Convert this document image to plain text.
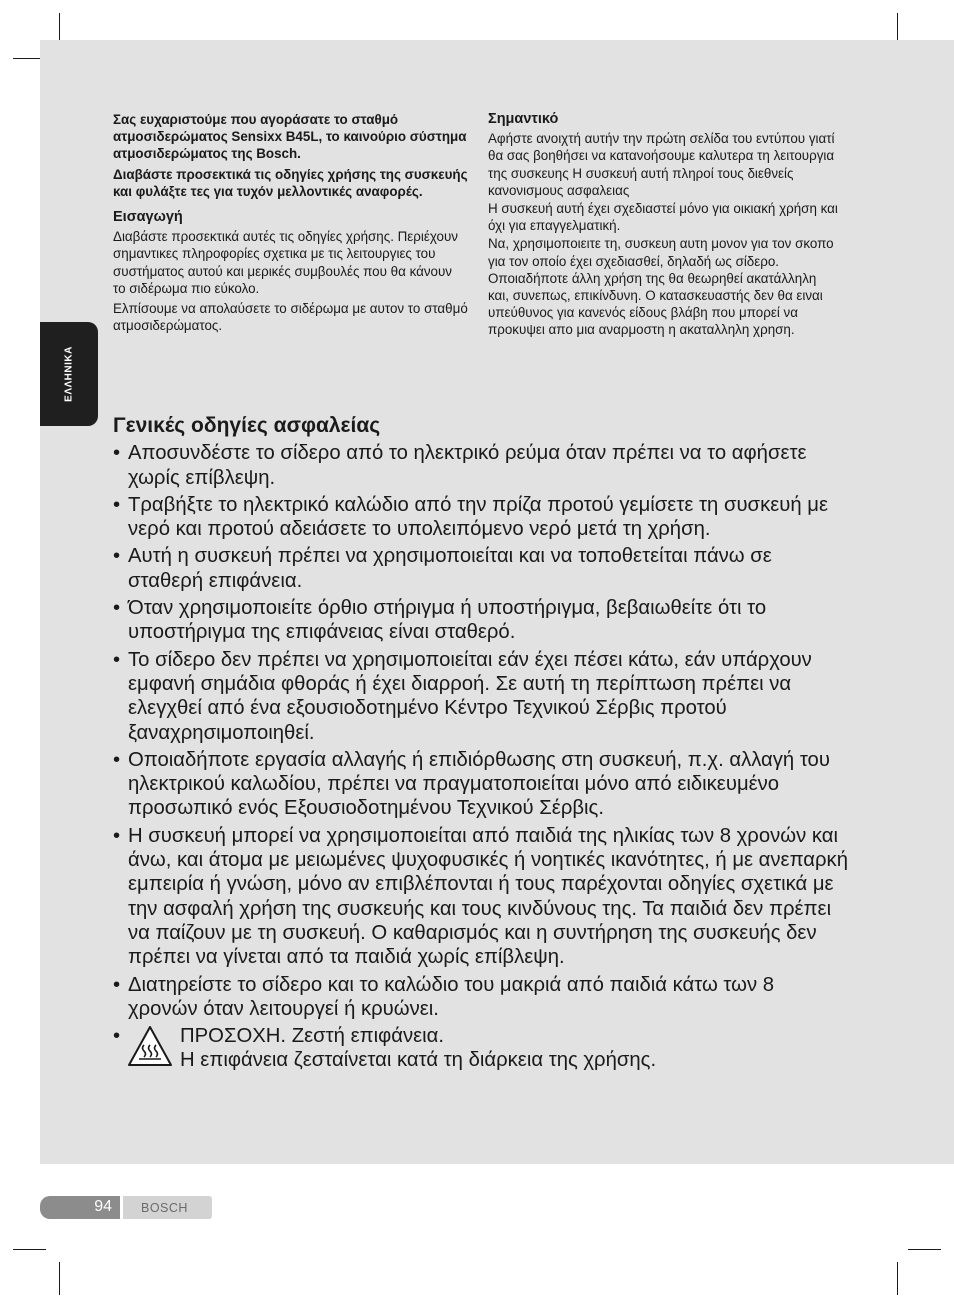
ΕΛΛΗΝΙΚΑ

Σας ευχαριστούμε που αγοράσατε το σταθμό ατμοσιδερώματος Sensixx B45L, το καινούριο σύστημα ατμοσιδερώματος της Bosch.

Διαβάστε προσεκτικά τις οδηγίες χρήσης της συσκευής και φυλάξτε τες για τυχόν μελλοντικές αναφορές.

Εισαγωγή

Διαβάστε προσεκτικά αυτές τις οδηγίες χρήσης. Περιέχουν σημαντικες πληροφορίες σχετικα με τις λειτουργιες του συστήματος αυτού και μερικές συμβουλές που θα κάνουν το σιδέρωμα πιο εύκολο.

Ελπίσουμε να απολαύσετε το σιδέρωμα με αυτον το σταθμό ατμοσιδερώματος.

Σημαντικό

Αφήστε ανοιχτή αυτήν την πρώτη σελίδα του εντύπου γιατί θα σας βοηθήσει να κατανοήσουμε καλυτερα τη λειτουργια της συσκευης Η συσκευή αυτή πληροί τους διεθνείς κανονισμους ασφαλειας

Η συσκευή αυτή έχει σχεδιαστεί μόνο για οικιακή χρήση και όχι για επαγγελματική.

Να, χρησιμοποιειτε τη, συσκευη αυτη μονον για τον σκοπο για τον οποίο έχει σχεδιασθεί, δηλαδή ως σίδερο. Οποιαδήποτε άλλη χρήση της θα θεωρηθεί ακατάλληλη και, συνεπως, επικίνδυνη. Ο κατασκευαστής δεν θα ειναι υπεύθυνος για κανενός είδους βλάβη που μπορεί να προκυψει απο μια αναρμοστη η ακαταλληλη χρηση.

Γενικές οδηγίες ασφαλείας
• Αποσυνδέστε το σίδερο από το ηλεκτρικό ρεύμα όταν πρέπει να το αφήσετε χωρίς επίβλεψη.
• Τραβήξτε το ηλεκτρικό καλώδιο από την πρίζα προτού γεμίσετε τη συσκευή με νερό και προτού αδειάσετε το υπολειπόμενο νερό μετά τη χρήση.
• Αυτή η συσκευή πρέπει να χρησιμοποιείται και να τοποθετείται πάνω σε σταθερή επιφάνεια.
• Όταν χρησιμοποιείτε όρθιο στήριγμα ή υποστήριγμα, βεβαιωθείτε ότι το υποστήριγμα της επιφάνειας είναι σταθερό.
• Το σίδερο δεν πρέπει να χρησιμοποιείται εάν έχει πέσει κάτω, εάν υπάρχουν εμφανή σημάδια φθοράς ή έχει διαρροή. Σε αυτή τη περίπτωση πρέπει να ελεγχθεί από ένα εξουσιοδοτημένο Κέντρο Τεχνικού Σέρβις προτού ξαναχρησιμοποιηθεί.
• Οποιαδήποτε εργασία αλλαγής ή επιδιόρθωσης στη συσκευή, π.χ. αλλαγή του ηλεκτρικού καλωδίου, πρέπει να πραγματοποιείται μόνο από ειδικευμένο προσωπικό ενός Εξουσιοδοτημένου Τεχνικού Σέρβις.
• Η συσκευή μπορεί να χρησιμοποιείται από παιδιά της ηλικίας των 8 χρονών και άνω, και άτομα με μειωμένες ψυχοφυσικές ή νοητικές ικανότητες, ή με ανεπαρκή εμπειρία ή γνώση, μόνο αν επιβλέπονται ή τους παρέχονται οδηγίες σχετικά με την ασφαλή χρήση της συσκευής και τους κινδύνους της. Τα παιδιά δεν πρέπει να παίζουν με τη συσκευή. Ο καθαρισμός και η συντήρηση της συσκευής δεν πρέπει να γίνεται από τα παιδιά χωρίς επίβλεψη.
• Διατηρείστε το σίδερο και το καλώδιο του μακριά από παιδιά κάτω των 8 χρονών όταν λειτουργεί ή κρυώνει.
•	ΠΡΟΣΟΧΗ. Ζεστή επιφάνεια.
Η επιφάνεια ζεσταίνεται κατά τη διάρκεια της χρήσης.
94 BOSCH
